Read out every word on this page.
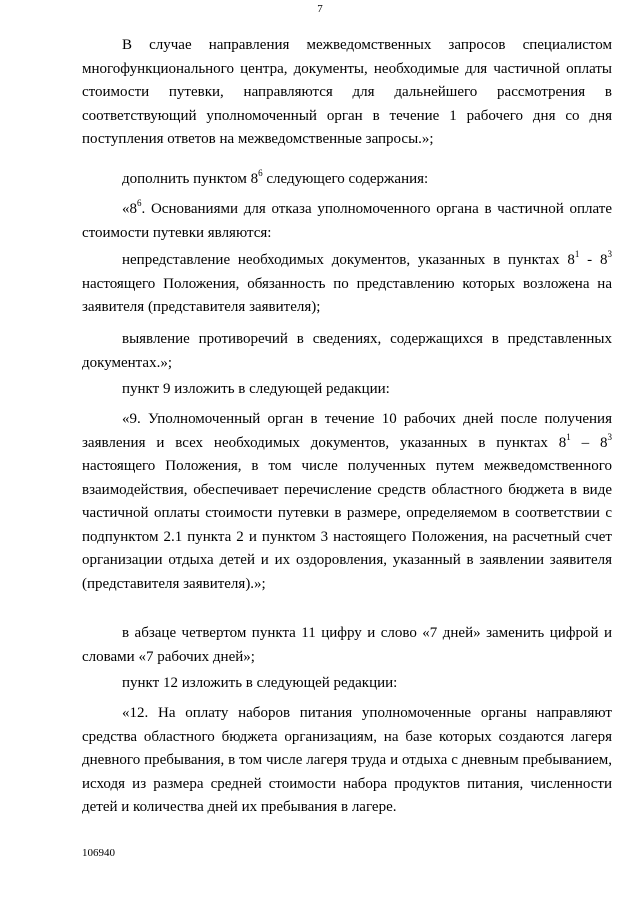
7

В случае направления межведомственных запросов специалистом многофункционального центра, документы, необходимые для частичной оплаты стоимости путевки, направляются для дальнейшего рассмотрения в соответствующий уполномоченный орган в течение 1 рабочего дня со дня поступления ответов на межведомственные запросы.»;

дополнить пунктом $8^6$ следующего содержания:

«$8^6$. Основаниями для отказа уполномоченного органа в частичной оплате стоимости путевки являются:

непредставление необходимых документов, указанных в пунктах $8^1 - 8^3$ настоящего Положения, обязанность по представлению которых возложена на заявителя (представителя заявителя);

выявление противоречий в сведениях, содержащихся в представленных документах.»;

пункт 9 изложить в следующей редакции:

«9. Уполномоченный орган в течение 10 рабочих дней после получения заявления и всех необходимых документов, указанных в пунктах $8^1 - 8^3$ настоящего Положения, в том числе полученных путем межведомственного взаимодействия, обеспечивает перечисление средств областного бюджета в виде частичной оплаты стоимости путевки в размере, определяемом в соответствии с подпунктом 2.1 пункта 2 и пунктом 3 настоящего Положения, на расчетный счет организации отдыха детей и их оздоровления, указанный в заявлении заявителя (представителя заявителя).»;

в абзаце четвертом пункта 11 цифру и слово «7 дней» заменить цифрой и словами «7 рабочих дней»;

пункт 12 изложить в следующей редакции:

«12. На оплату наборов питания уполномоченные органы направляют средства областного бюджета организациям, на базе которых создаются лагеря дневного пребывания, в том числе лагеря труда и отдыха с дневным пребыванием, исходя из размера средней стоимости набора продуктов питания, численности детей и количества дней их пребывания в лагере.

106940
